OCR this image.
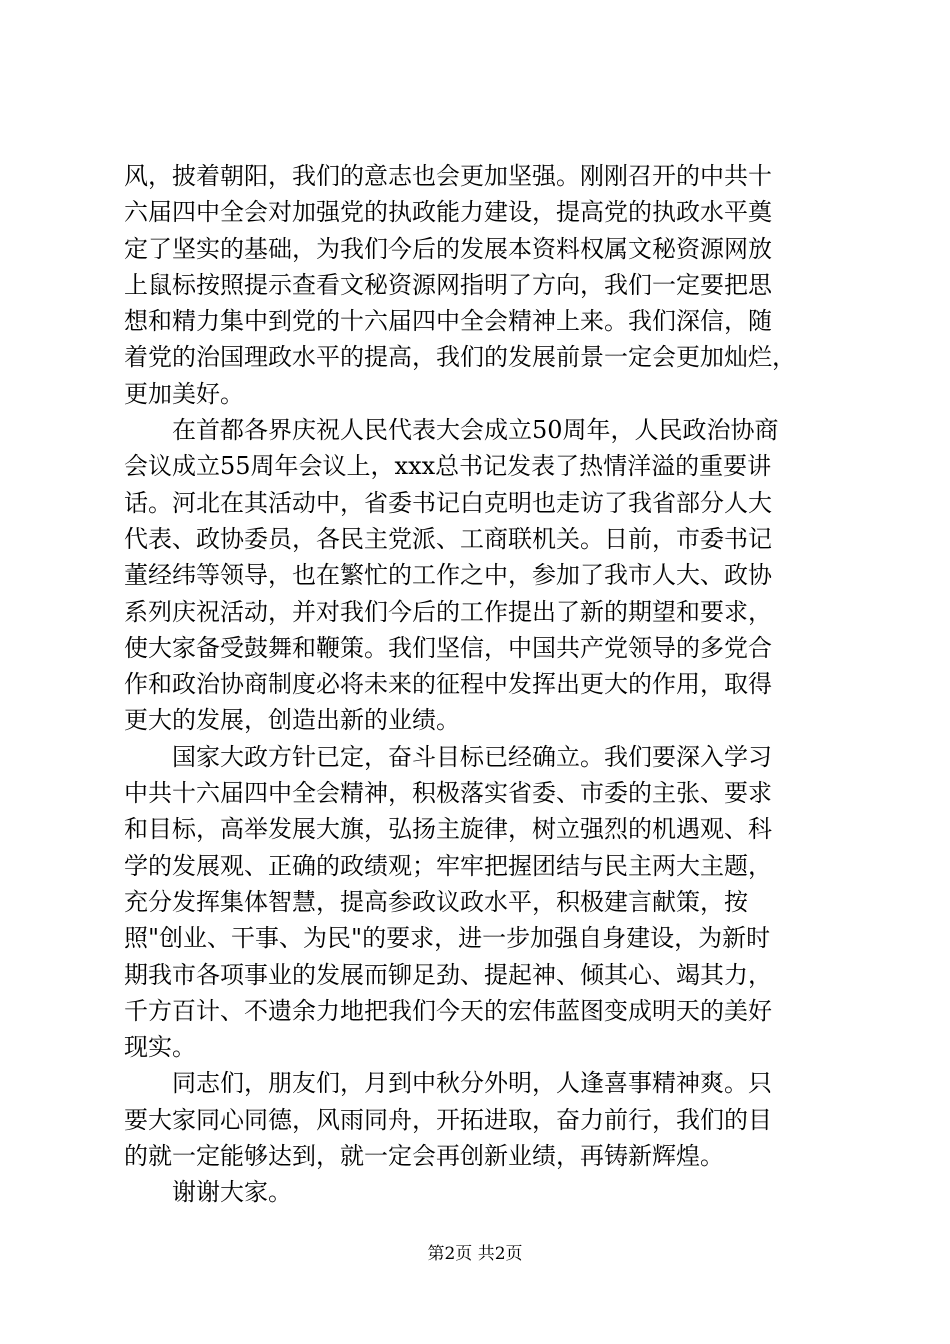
风，披着朝阳，我们的意志也会更加坚强。刚刚召开的中共十
六届四中全会对加强党的执政能力建设，提高党的执政水平奠
定了坚实的基础，为我们今后的发展本资料权属文秘资源网放
上鼠标按照提示查看文秘资源网指明了方向，我们一定要把思
想和精力集中到党的十六届四中全会精神上来。我们深信，随
着党的治国理政水平的提高，我们的发展前景一定会更加灿烂，
更加美好。

　　在首都各界庆祝人民代表大会成立50周年，人民政治协商
会议成立55周年会议上，xxx总书记发表了热情洋溢的重要讲
话。河北在其活动中，省委书记白克明也走访了我省部分人大
代表、政协委员，各民主党派、工商联机关。日前，市委书记
董经纬等领导，也在繁忙的工作之中，参加了我市人大、政协
系列庆祝活动，并对我们今后的工作提出了新的期望和要求，
使大家备受鼓舞和鞭策。我们坚信，中国共产党领导的多党合
作和政治协商制度必将未来的征程中发挥出更大的作用，取得
更大的发展，创造出新的业绩。

　　国家大政方针已定，奋斗目标已经确立。我们要深入学习
中共十六届四中全会精神，积极落实省委、市委的主张、要求
和目标，高举发展大旗，弘扬主旋律，树立强烈的机遇观、科
学的发展观、正确的政绩观；牢牢把握团结与民主两大主题，
充分发挥集体智慧，提高参政议政水平，积极建言献策，按
照"创业、干事、为民"的要求，进一步加强自身建设，为新时
期我市各项事业的发展而铆足劲、提起神、倾其心、竭其力，
千方百计、不遗余力地把我们今天的宏伟蓝图变成明天的美好
现实。

　　同志们，朋友们，月到中秋分外明，人逢喜事精神爽。只
要大家同心同德，风雨同舟，开拓进取，奋力前行，我们的目
的就一定能够达到，就一定会再创新业绩，再铸新辉煌。

　　谢谢大家。

第2页 共2页
